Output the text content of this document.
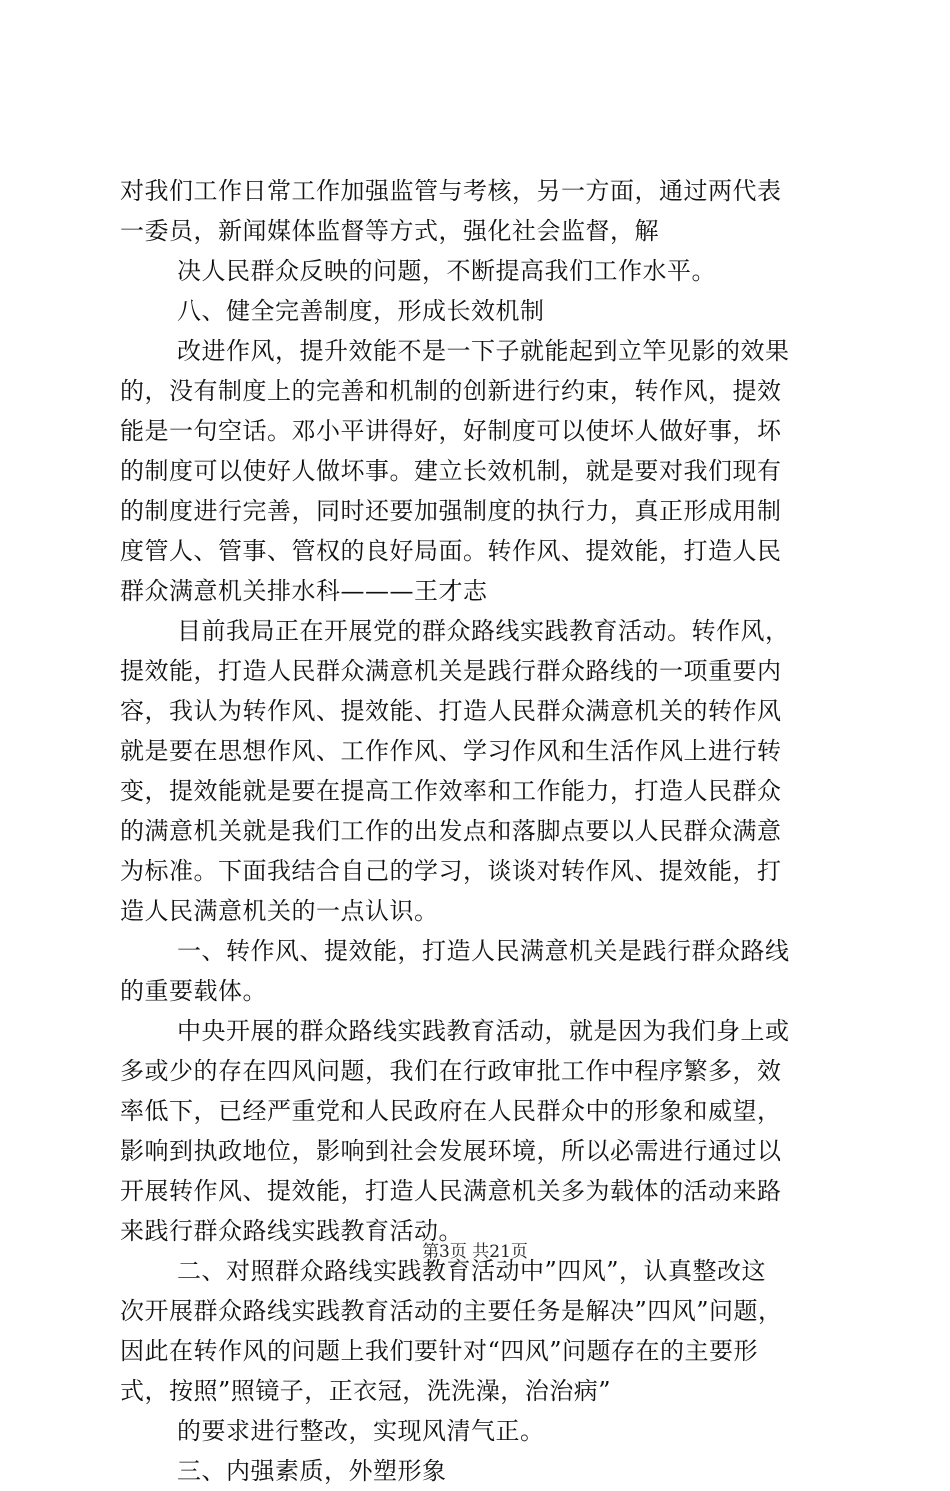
对我们工作日常工作加强监管与考核，另一方面，通过两代表
一委员，新闻媒体监督等方式，强化社会监督，解
决人民群众反映的问题，不断提高我们工作水平。
八、健全完善制度，形成长效机制
改进作风，提升效能不是一下子就能起到立竿见影的效果
的，没有制度上的完善和机制的创新进行约束，转作风，提效
能是一句空话。邓小平讲得好，好制度可以使坏人做好事，坏
的制度可以使好人做坏事。建立长效机制，就是要对我们现有
的制度进行完善，同时还要加强制度的执行力，真正形成用制
度管人、管事、管权的良好局面。转作风、提效能，打造人民
群众满意机关排水科———王才志
目前我局正在开展党的群众路线实践教育活动。转作风，
提效能，打造人民群众满意机关是践行群众路线的一项重要内
容，我认为转作风、提效能、打造人民群众满意机关的转作风
就是要在思想作风、工作作风、学习作风和生活作风上进行转
变，提效能就是要在提高工作效率和工作能力，打造人民群众
的满意机关就是我们工作的出发点和落脚点要以人民群众满意
为标准。下面我结合自己的学习，谈谈对转作风、提效能，打
造人民满意机关的一点认识。
一、转作风、提效能，打造人民满意机关是践行群众路线
的重要载体。
中央开展的群众路线实践教育活动，就是因为我们身上或
多或少的存在四风问题，我们在行政审批工作中程序繁多，效
率低下，已经严重党和人民政府在人民群众中的形象和威望，
影响到执政地位，影响到社会发展环境，所以必需进行通过以
开展转作风、提效能，打造人民满意机关多为载体的活动来路
来践行群众路线实践教育活动。
二、对照群众路线实践教育活动中”四风”，认真整改这
次开展群众路线实践教育活动的主要任务是解决”四风”问题，
因此在转作风的问题上我们要针对“四风”问题存在的主要形
式，按照”照镜子，正衣冠，洗洗澡，治治病”
的要求进行整改，实现风清气正。
三、内强素质，外塑形象
第3页 共21页
